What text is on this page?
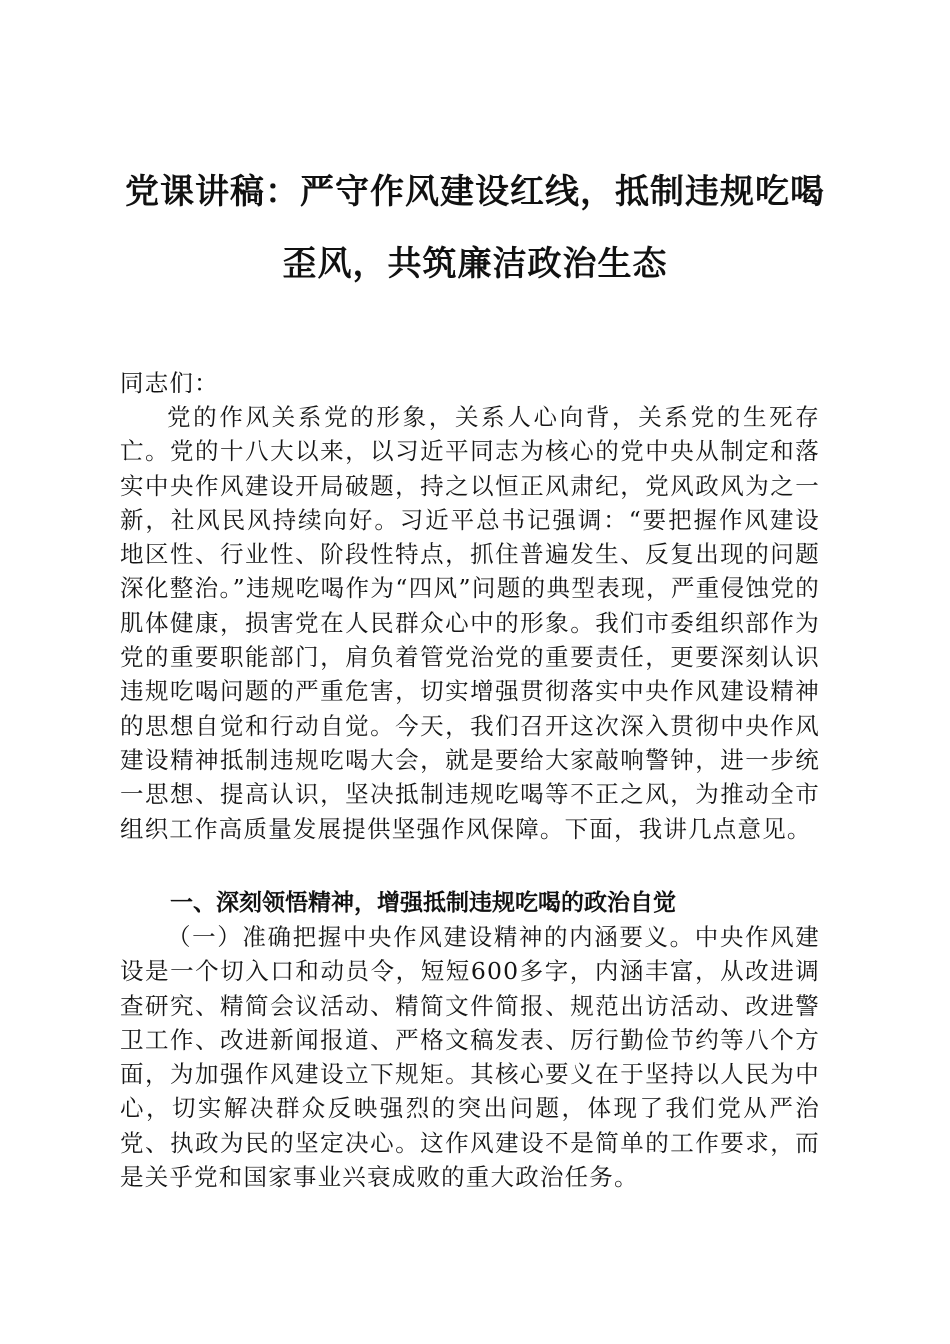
党课讲稿：严守作风建设红线，抵制违规吃喝
歪风，共筑廉洁政治生态
同志们：

党的作风关系党的形象，关系人心向背，关系党的生死存亡。党的十八大以来，以习近平同志为核心的党中央从制定和落实中央作风建设开局破题，持之以恒正风肃纪，党风政风为之一新，社风民风持续向好。习近平总书记强调：“要把握作风建设地区性、行业性、阶段性特点，抓住普遍发生、反复出现的问题深化整治。”违规吃喝作为“四风”问题的典型表现，严重侵蚀党的肌体健康，损害党在人民群众心中的形象。我们市委组织部作为党的重要职能部门，肩负着管党治党的重要责任，更要深刻认识违规吃喝问题的严重危害，切实增强贯彻落实中央作风建设精神的思想自觉和行动自觉。今天，我们召开这次深入贯彻中央作风建设精神抵制违规吃喝大会，就是要给大家敲响警钟，进一步统一思想、提高认识，坚决抵制违规吃喝等不正之风，为推动全市组织工作高质量发展提供坚强作风保障。下面，我讲几点意见。

一、深刻领悟精神，增强抵制违规吃喝的政治自觉

（一）准确把握中央作风建设精神的内涵要义。中央作风建设是一个切入口和动员令，短短600多字，内涵丰富，从改进调查研究、精简会议活动、精简文件简报、规范出访活动、改进警卫工作、改进新闻报道、严格文稿发表、厉行勤俭节约等八个方面，为加强作风建设立下规矩。其核心要义在于坚持以人民为中心，切实解决群众反映强烈的突出问题，体现了我们党从严治党、执政为民的坚定决心。这作风建设不是简单的工作要求，而是关乎党和国家事业兴衰成败的重大政治任务。
